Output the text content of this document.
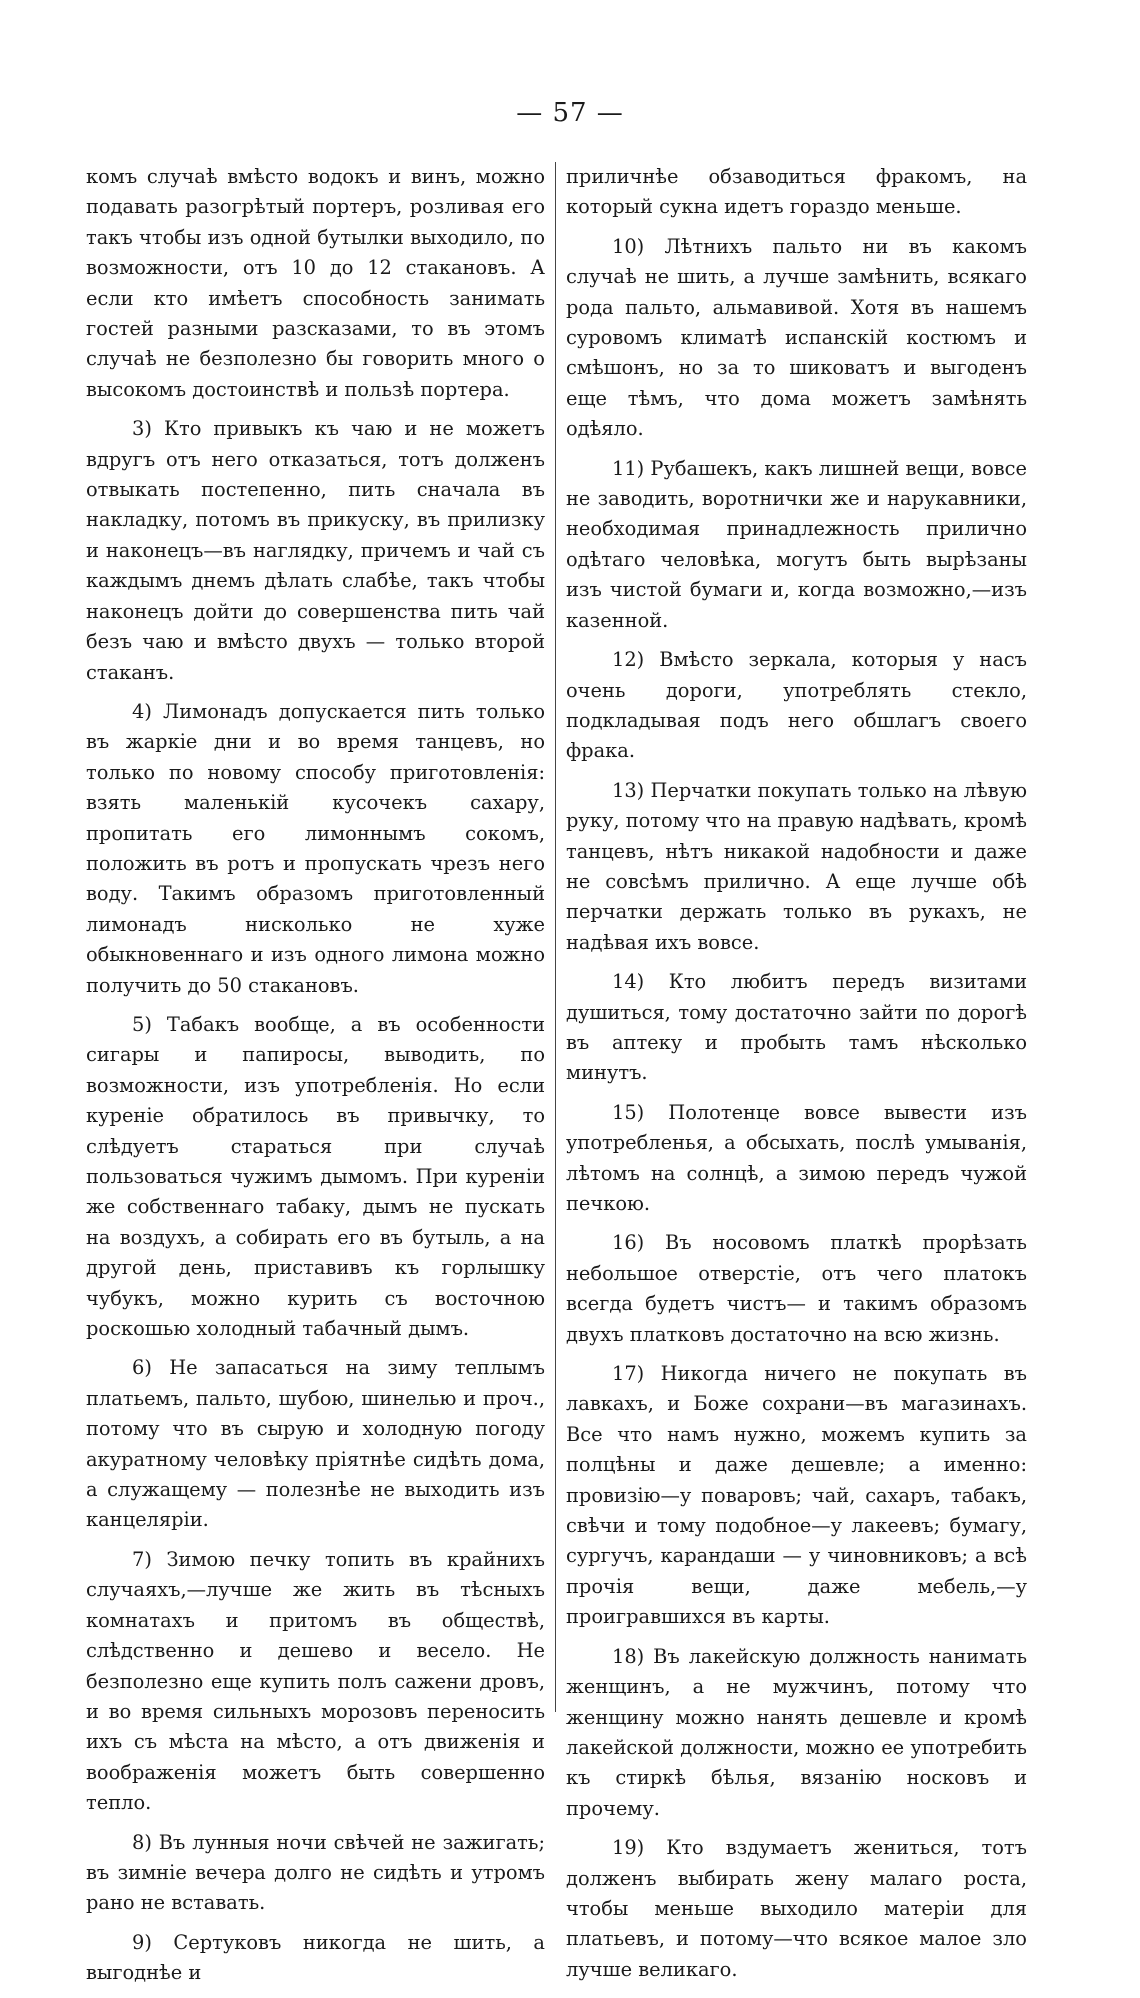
— 57 —

комъ случаѣ вмѣсто водокъ и винъ, можно подавать разогрѣтый портеръ, розливая его такъ чтобы изъ одной бутылки выходило, по возможности, отъ 10 до 12 стакановъ. А если кто имѣетъ способность занимать гостей разными разсказами, то въ этомъ случаѣ не безполезно бы говорить много о высокомъ достоинствѣ и пользѣ портера.

3) Кто привыкъ къ чаю и не можетъ вдругъ отъ него отказаться, тотъ долженъ отвыкать постепенно, пить сначала въ накладку, потомъ въ прикуску, въ прилизку и наконецъ—въ наглядку, причемъ и чай съ каждымъ днемъ дѣлать слабѣе, такъ чтобы наконецъ дойти до совершенства пить чай безъ чаю и вмѣсто двухъ — только второй стаканъ.

4) Лимонадъ допускается пить только въ жаркіе дни и во время танцевъ, но только по новому способу приготовленія: взять маленькій кусочекъ сахару, пропитать его лимоннымъ сокомъ, положить въ ротъ и пропускать чрезъ него воду. Такимъ образомъ приготовленный лимонадъ нисколько не хуже обыкновеннаго и изъ одного лимона можно получить до 50 стакановъ.

5) Табакъ вообще, а въ особенности сигары и папиросы, выводить, по возможности, изъ употребленія. Но если куреніе обратилось въ привычку, то слѣдуетъ стараться при случаѣ пользоваться чужимъ дымомъ. При куреніи же собственнаго табаку, дымъ не пускать на воздухъ, а собирать его въ бутыль, а на другой день, приставивъ къ горлышку чубукъ, можно курить съ восточною роскошью холодный табачный дымъ.

6) Не запасаться на зиму теплымъ платьемъ, пальто, шубою, шинелью и проч., потому что въ сырую и холодную погоду акуратному человѣку пріятнѣе сидѣть дома, а служащему — полезнѣе не выходить изъ канцеляріи.

7) Зимою печку топить въ крайнихъ случаяхъ,—лучше же жить въ тѣсныхъ комнатахъ и притомъ въ обществѣ, слѣдственно и дешево и весело. Не безполезно еще купить полъ сажени дровъ, и во время сильныхъ морозовъ переносить ихъ съ мѣста на мѣсто, а отъ движенія и воображенія можетъ быть совершенно тепло.

8) Въ лунныя ночи свѣчей не зажигать; въ зимніе вечера долго не сидѣть и утромъ рано не вставать.

9) Сертуковъ никогда не шить, а выгоднѣе и

приличнѣе обзаводиться фракомъ, на который сукна идетъ гораздо меньше.

10) Лѣтнихъ пальто ни въ какомъ случаѣ не шить, а лучше замѣнить, всякаго рода пальто, альмавивой. Хотя въ нашемъ суровомъ климатѣ испанскій костюмъ и смѣшонъ, но за то шиковатъ и выгоденъ еще тѣмъ, что дома можетъ замѣнять одѣяло.

11) Рубашекъ, какъ лишней вещи, вовсе не заводить, воротнички же и нарукавники, необходимая принадлежность прилично одѣтаго человѣка, могутъ быть вырѣзаны изъ чистой бумаги и, когда возможно,—изъ казенной.

12) Вмѣсто зеркала, которыя у насъ очень дороги, употреблять стекло, подкладывая подъ него обшлагъ своего фрака.

13) Перчатки покупать только на лѣвую руку, потому что на правую надѣвать, кромѣ танцевъ, нѣтъ никакой надобности и даже не совсѣмъ прилично. А еще лучше обѣ перчатки держать только въ рукахъ, не надѣвая ихъ вовсе.

14) Кто любитъ передъ визитами душиться, тому достаточно зайти по дорогѣ въ аптеку и пробыть тамъ нѣсколько минутъ.

15) Полотенце вовсе вывести изъ употребленья, а обсыхать, послѣ умыванія, лѣтомъ на солнцѣ, а зимою передъ чужой печкою.

16) Въ носовомъ платкѣ прорѣзать небольшое отверстіе, отъ чего платокъ всегда будетъ чистъ— и такимъ образомъ двухъ платковъ достаточно на всю жизнь.

17) Никогда ничего не покупать въ лавкахъ, и Боже сохрани—въ магазинахъ. Все что намъ нужно, можемъ купить за полцѣны и даже дешевле; а именно: провизію—у поваровъ; чай, сахаръ, табакъ, свѣчи и тому подобное—у лакеевъ; бумагу, сургучъ, карандаши — у чиновниковъ; а всѣ прочія вещи, даже мебель,—у проигравшихся въ карты.

18) Въ лакейскую должность нанимать женщинъ, а не мужчинъ, потому что женщину можно нанять дешевле и кромѣ лакейской должности, можно ее употребить къ стиркѣ бѣлья, вязанію носковъ и прочему.

19) Кто вздумаетъ жениться, тотъ долженъ выбирать жену малаго роста, чтобы меньше выходило матеріи для платьевъ, и потому—что всякое малое зло лучше великаго.
